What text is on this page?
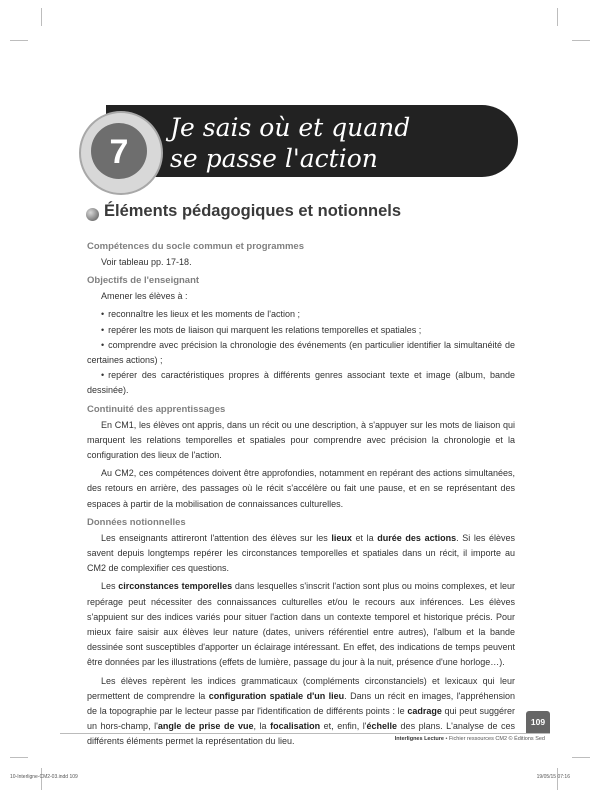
7
Je sais où et quand
se passe l'action
Éléments pédagogiques et notionnels
Compétences du socle commun et programmes

Voir tableau pp. 17-18.

Objectifs de l'enseignant

Amener les élèves à :

• reconnaître les lieux et les moments de l'action ;
• repérer les mots de liaison qui marquent les relations temporelles et spatiales ;
• comprendre avec précision la chronologie des événements (en particulier identifier la simultanéité de certaines actions) ;
• repérer des caractéristiques propres à différents genres associant texte et image (album, bande dessinée).
Continuité des apprentissages

En CM1, les élèves ont appris, dans un récit ou une description, à s'appuyer sur les mots de liaison qui marquent les relations temporelles et spatiales pour comprendre avec précision la chronologie et la configuration des lieux de l'action.

Au CM2, ces compétences doivent être approfondies, notamment en repérant des actions simultanées, des retours en arrière, des passages où le récit s'accélère ou fait une pause, et en se représentant des espaces à partir de la mobilisation de connaissances culturelles.

Données notionnelles

Les enseignants attireront l'attention des élèves sur les lieux et la durée des actions. Si les élèves savent depuis longtemps repérer les circonstances temporelles et spatiales dans un récit, il importe au CM2 de complexifier ces questions.

Les circonstances temporelles dans lesquelles s'inscrit l'action sont plus ou moins complexes, et leur repérage peut nécessiter des connaissances culturelles et/ou le recours aux inférences. Les élèves s'appuient sur des indices variés pour situer l'action dans un contexte temporel et historique précis. Pour mieux faire saisir aux élèves leur nature (dates, univers référentiel entre autres), l'album et la bande dessinée sont susceptibles d'apporter un éclairage intéressant. En effet, des indications de temps peuvent être données par les illustrations (effets de lumière, passage du jour à la nuit, présence d'une horloge…).

Les élèves repèrent les indices grammaticaux (compléments circonstanciels) et lexicaux qui leur permettent de comprendre la configuration spatiale d'un lieu. Dans un récit en images, l'appréhension de la topographie par le lecteur passe par l'identification de différents points : le cadrage qui peut suggérer un hors-champ, l'angle de prise de vue, la focalisation et, enfin, l'échelle des plans. L'analyse de ces différents éléments permet la représentation du lieu.

109
Interlignes Lecture • Fichier ressources CM2 © Éditions Sed
10-Interligne-CM2-03.indd 109	19/05/15 07:16
